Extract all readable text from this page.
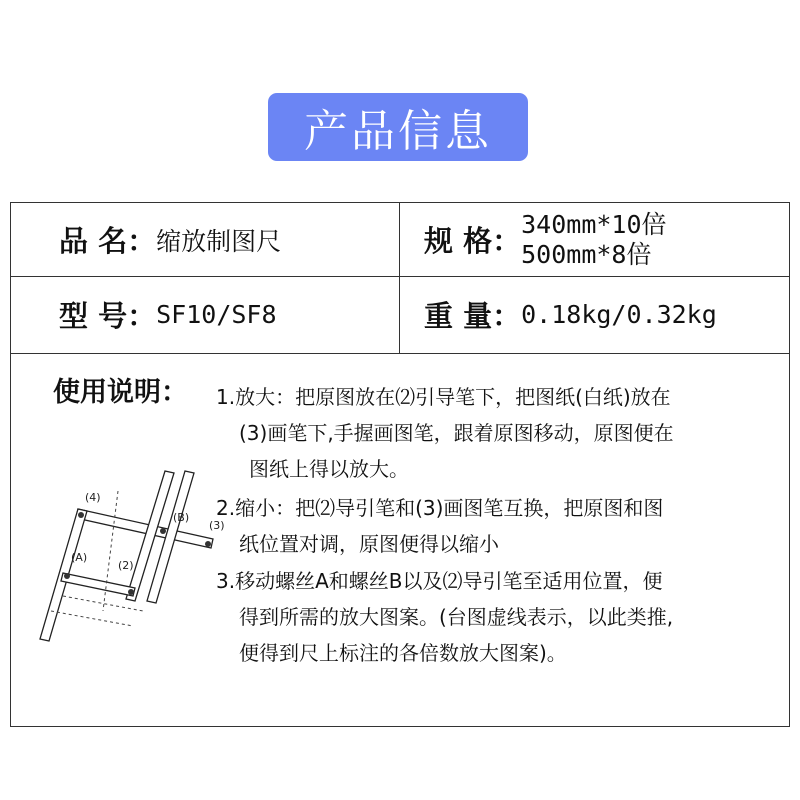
产品信息
品 名： 缩放制图尺	规 格： 340mm*10倍
500mm*8倍
型 号： SF10/SF8	重 量： 0.18kg/0.32kg
使用说明： 1.放大：把原图放在⑵引导笔下，把图纸(白纸)放在
(3)画笔下,手握画图笔，跟着原图移动，原图便在
图纸上得以放大。
2.缩小：把⑵导引笔和(3)画图笔互换，把原图和图
纸位置对调，原图便得以缩小
3.移动螺丝A和螺丝B以及⑵导引笔至适用位置，便
得到所需的放大图案。(台图虚线表示，以此类推,
便得到尺上标注的各倍数放大图案)。
(4)
(B)
(3)
(A)
(2)
